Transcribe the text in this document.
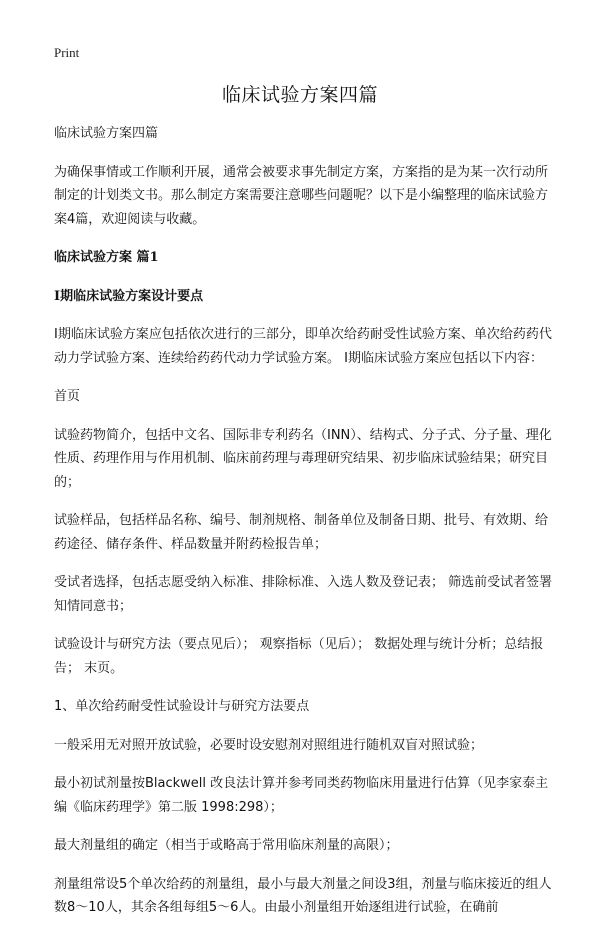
Print
临床试验方案四篇

临床试验方案四篇

为确保事情或工作顺利开展，通常会被要求事先制定方案，方案指的是为某一次行动所制定的计划类文书。那么制定方案需要注意哪些问题呢？以下是小编整理的临床试验方案4篇，欢迎阅读与收藏。

临床试验方案 篇1

I期临床试验方案设计要点

I期临床试验方案应包括依次进行的三部分，即单次给药耐受性试验方案、单次给药药代动力学试验方案、连续给药药代动力学试验方案。 I期临床试验方案应包括以下内容：

首页

试验药物简介，包括中文名、国际非专利药名（INN）、结构式、分子式、分子量、理化性质、药理作用与作用机制、临床前药理与毒理研究结果、初步临床试验结果；研究目的；

试验样品，包括样品名称、编号、制剂规格、制备单位及制备日期、批号、有效期、给药途径、储存条件、样品数量并附药检报告单；

受试者选择，包括志愿受纳入标准、排除标准、入选人数及登记表； 筛选前受试者签署知情同意书；

试验设计与研究方法（要点见后）； 观察指标（见后）； 数据处理与统计分析；总结报告； 末页。

1、单次给药耐受性试验设计与研究方法要点

一般采用无对照开放试验，必要时设安慰剂对照组进行随机双盲对照试验；

最小初试剂量按Blackwell 改良法计算并参考同类药物临床用量进行估算（见李家泰主编《临床药理学》第二版 1998:298）；

最大剂量组的确定（相当于或略高于常用临床剂量的高限）；

剂量组常设5个单次给药的剂量组，最小与最大剂量之间设3组，剂量与临床接近的组人数8～10人，其余各组每组5～6人。由最小剂量组开始逐组进行试验，在确前
